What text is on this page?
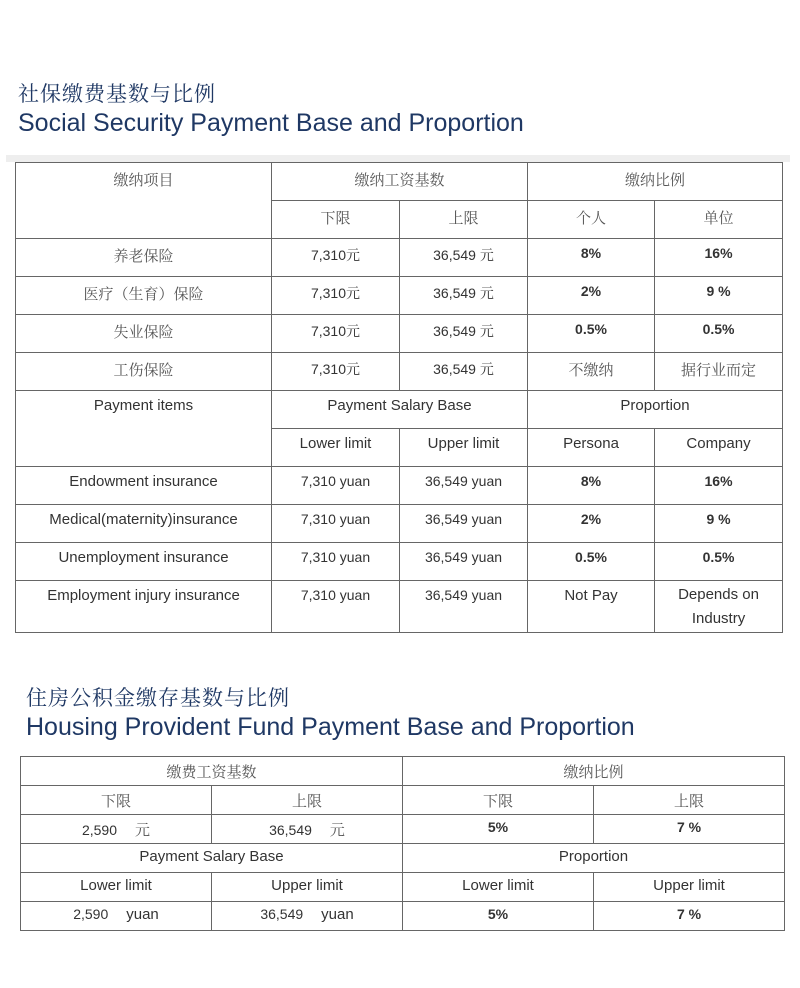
社保缴费基数与比例
Social Security Payment Base and Proportion
缴纳项目	缴纳工资基数		缴纳比例	
	下限	上限	个人	单位
养老保险	7,310元	36,549 元	8%	16%
医疗（生育）保险	7,310元	36,549 元	2%	9 %
失业保险	7,310元	36,549 元	0.5%	0.5%
工伤保险	7,310元	36,549 元	不缴纳	据行业而定
Payment items	Payment Salary Base		Proportion	
	Lower limit	Upper limit	Persona	Company
Endowment insurance	7,310 yuan	36,549 yuan	8%	16%
Medical(maternity)insurance	7,310 yuan	36,549 yuan	2%	9 %
Unemployment insurance	7,310 yuan	36,549 yuan	0.5%	0.5%
Employment injury insurance	7,310 yuan	36,549 yuan	Not Pay	Depends on Industry
住房公积金缴存基数与比例
Housing Provident Fund Payment Base and Proportion
缴费工资基数		缴纳比例	
下限	上限	下限	上限
2,590 元	36,549 元	5%	7 %
Payment Salary Base		Proportion	
Lower limit	Upper limit	Lower limit	Upper limit
2,590 yuan	36,549 yuan	5%	7 %
